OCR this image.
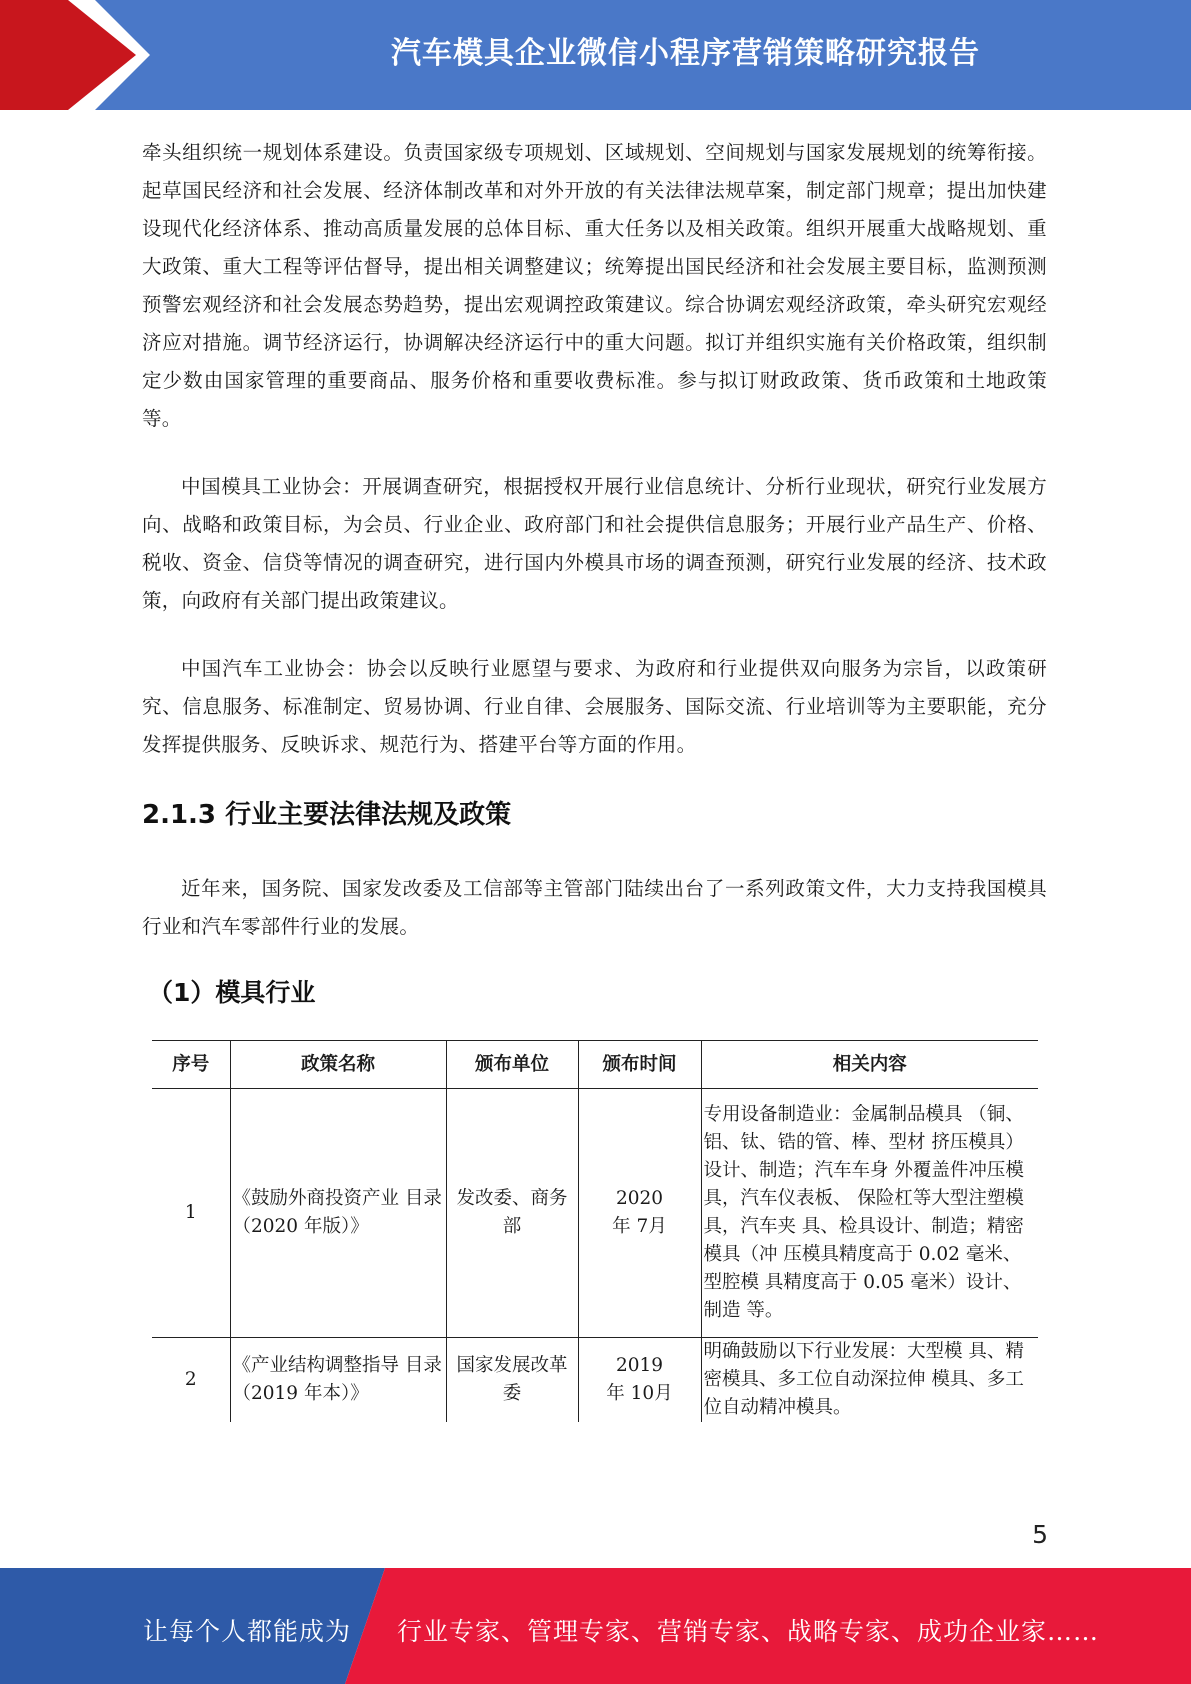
汽车模具企业微信小程序营销策略研究报告

牵头组织统一规划体系建设。负责国家级专项规划、区域规划、空间规划与国家发展规划的统筹衔接。起草国民经济和社会发展、经济体制改革和对外开放的有关法律法规草案，制定部门规章；提出加快建设现代化经济体系、推动高质量发展的总体目标、重大任务以及相关政策。组织开展重大战略规划、重大政策、重大工程等评估督导，提出相关调整建议；统筹提出国民经济和社会发展主要目标，监测预测预警宏观经济和社会发展态势趋势，提出宏观调控政策建议。综合协调宏观经济政策，牵头研究宏观经济应对措施。调节经济运行，协调解决经济运行中的重大问题。拟订并组织实施有关价格政策，组织制定少数由国家管理的重要商品、服务价格和重要收费标准。参与拟订财政政策、货币政策和土地政策等。

中国模具工业协会：开展调查研究，根据授权开展行业信息统计、分析行业现状，研究行业发展方向、战略和政策目标，为会员、行业企业、政府部门和社会提供信息服务；开展行业产品生产、价格、税收、资金、信贷等情况的调查研究，进行国内外模具市场的调查预测，研究行业发展的经济、技术政策，向政府有关部门提出政策建议。

中国汽车工业协会：协会以反映行业愿望与要求、为政府和行业提供双向服务为宗旨，以政策研究、信息服务、标准制定、贸易协调、行业自律、会展服务、国际交流、行业培训等为主要职能，充分发挥提供服务、反映诉求、规范行为、搭建平台等方面的作用。

2.1.3 行业主要法律法规及政策

近年来，国务院、国家发改委及工信部等主管部门陆续出台了一系列政策文件，大力支持我国模具行业和汽车零部件行业的发展。

（1）模具行业
序号	政策名称	颁布单位	颁布时间	相关内容
1	《鼓励外商投资产业 目录（2020 年版）》	发改委、商务部	2020 年 7月	专用设备制造业：金属制品模具 （铜、铝、钛、锆的管、棒、型材 挤压模具）设计、制造；汽车车身 外覆盖件冲压模具，汽车仪表板、 保险杠等大型注塑模具，汽车夹 具、检具设计、制造；精密模具（冲 压模具精度高于 0.02 毫米、型腔模 具精度高于 0.05 毫米）设计、制造 等。
2	《产业结构调整指导 目录（2019 年本）》	国家发展改革委	2019 年 10月	明确鼓励以下行业发展：大型模 具、精密模具、多工位自动深拉伸 模具、多工位自动精冲模具。
5
让每个人都能成为 行业专家、管理专家、营销专家、战略专家、成功企业家……
